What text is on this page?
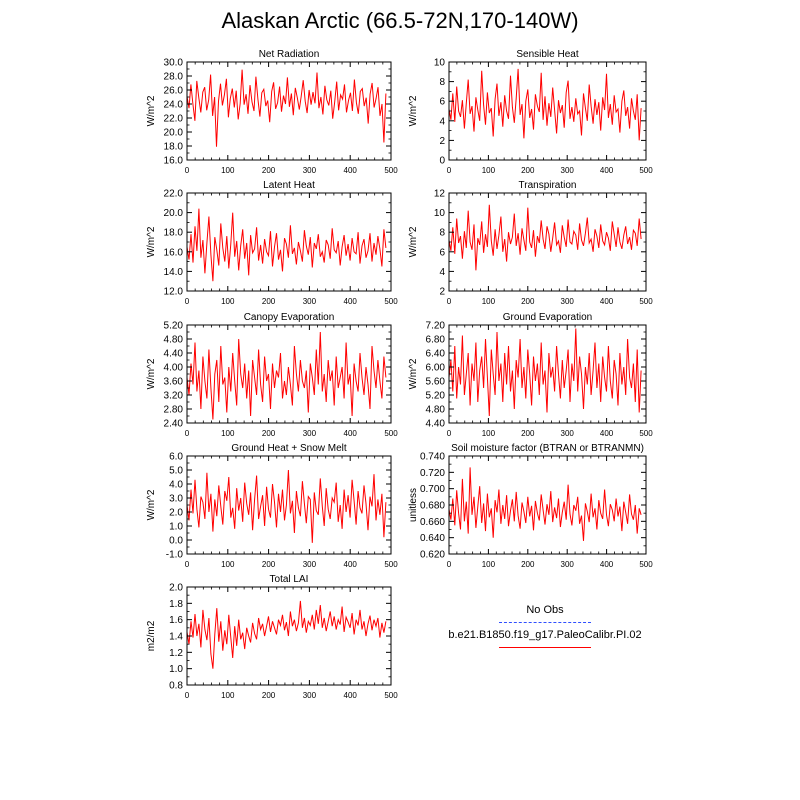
Alaskan Arctic (66.5-72N,170-140W)
0	100	200	300	400	500
16.0
18.0
20.0
22.0
24.0
26.0
28.0
30.0
Net Radiation
W/m^2
0	100	200	300	400	500
0
2
4
6
8
10
Sensible Heat
W/m^2
0	100	200	300	400	500
12.0
14.0
16.0
18.0
20.0
22.0
Latent Heat
W/m^2
0	100	200	300	400	500
2
4
6
8
10
12
Transpiration
W/m^2
0	100	200	300	400	500
2.40
2.80
3.20
3.60
4.00
4.40
4.80
5.20
Canopy Evaporation
W/m^2
0	100	200	300	400	500
4.40
4.80
5.20
5.60
6.00
6.40
6.80
7.20
Ground Evaporation
W/m^2
0	100	200	300	400	500
-1.0
0.0
1.0
2.0
3.0
4.0
5.0
6.0
Ground Heat + Snow Melt
W/m^2
0	100	200	300	400	500
0.620
0.640
0.660
0.680
0.700
0.720
0.740
Soil moisture factor (BTRAN or BTRANMN)
unitless
0	100	200	300	400	500
0.8
1.0
1.2
1.4
1.6
1.8
2.0
Total LAI
m2/m2
No Obs
b.e21.B1850.f19_g17.PaleoCalibr.PI.02
